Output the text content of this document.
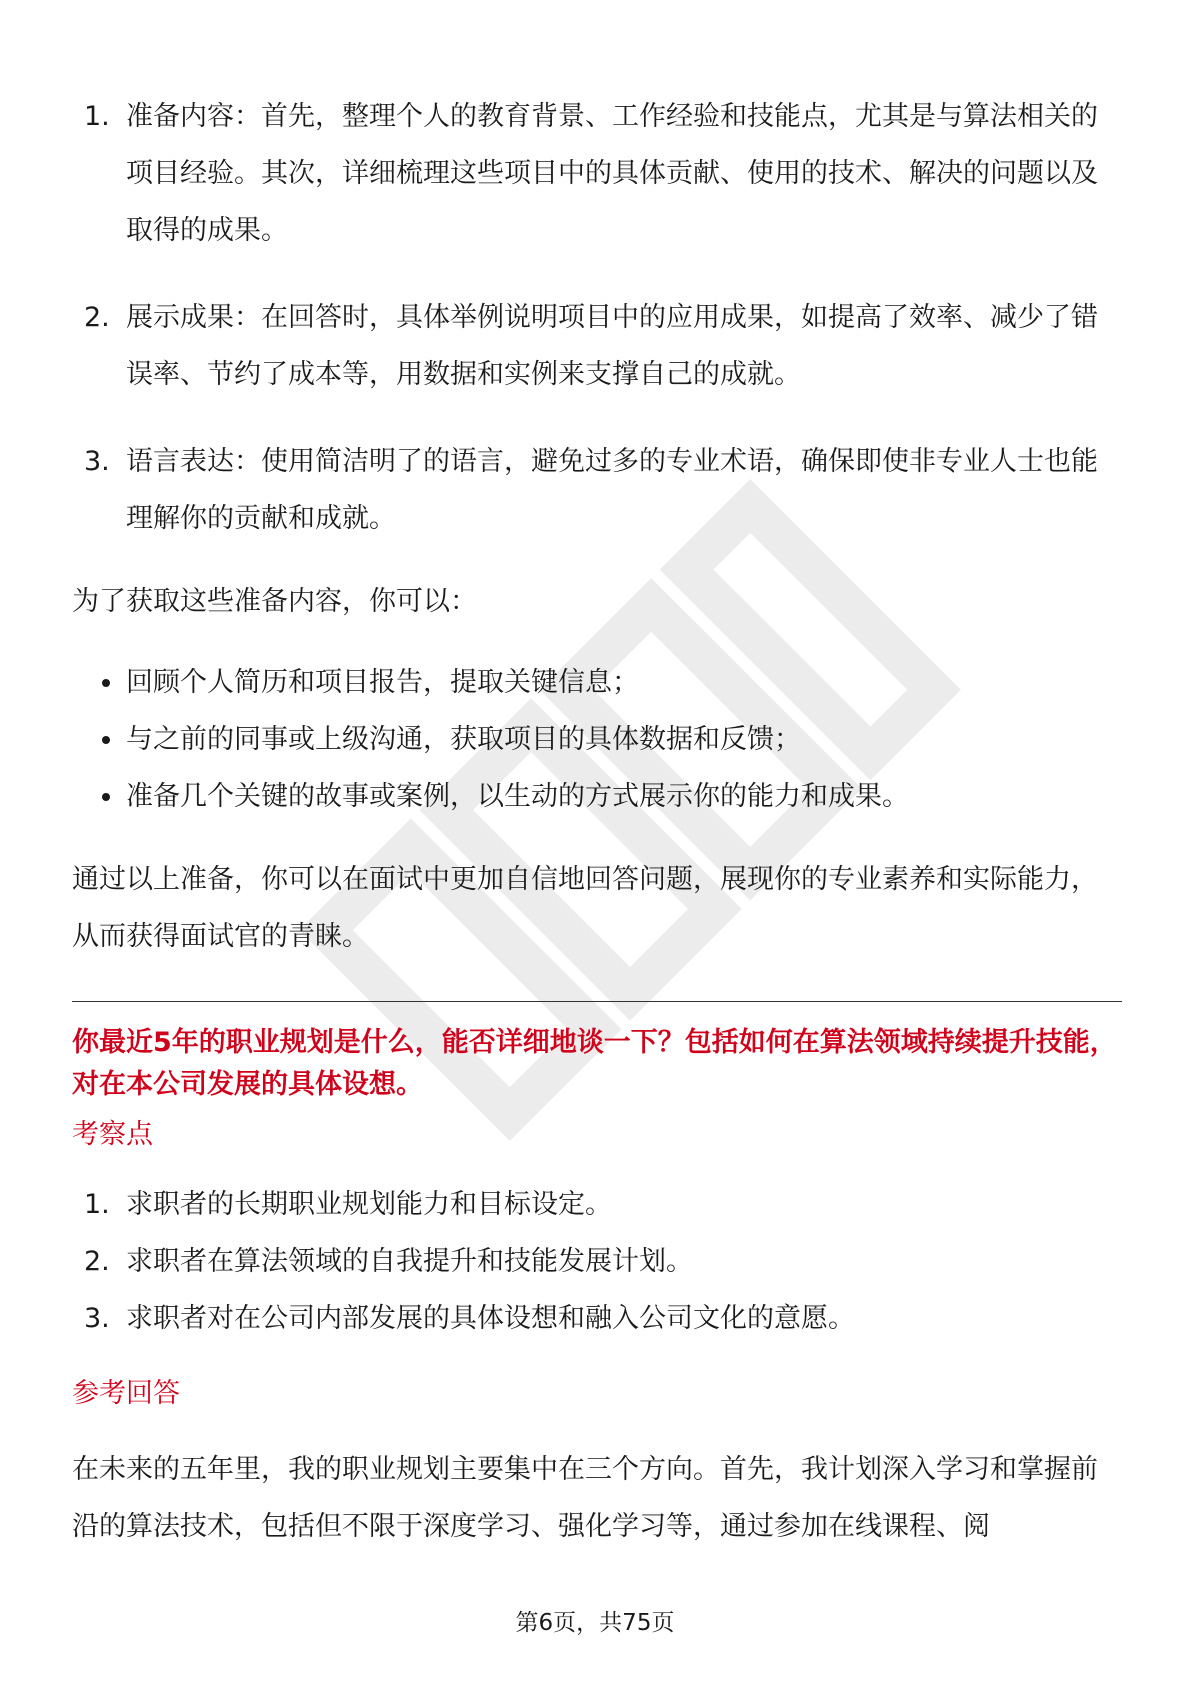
1. 准备内容：首先，整理个人的教育背景、工作经验和技能点，尤其是与算法相关的项目经验。其次，详细梳理这些项目中的具体贡献、使用的技术、解决的问题以及取得的成果。
2. 展示成果：在回答时，具体举例说明项目中的应用成果，如提高了效率、减少了错误率、节约了成本等，用数据和实例来支撑自己的成就。
3. 语言表达：使用简洁明了的语言，避免过多的专业术语，确保即使非专业人士也能理解你的贡献和成就。

为了获取这些准备内容，你可以：

回顾个人简历和项目报告，提取关键信息；
与之前的同事或上级沟通，获取项目的具体数据和反馈；
准备几个关键的故事或案例，以生动的方式展示你的能力和成果。

通过以上准备，你可以在面试中更加自信地回答问题，展现你的专业素养和实际能力，从而获得面试官的青睐。

你最近5年的职业规划是什么，能否详细地谈一下？包括如何在算法领域持续提升技能，对在本公司发展的具体设想。

考察点

1. 求职者的长期职业规划能力和目标设定。
2. 求职者在算法领域的自我提升和技能发展计划。
3. 求职者对在公司内部发展的具体设想和融入公司文化的意愿。

参考回答

在未来的五年里，我的职业规划主要集中在三个方向。首先，我计划深入学习和掌握前沿的算法技术，包括但不限于深度学习、强化学习等，通过参加在线课程、阅

第6页，共75页
